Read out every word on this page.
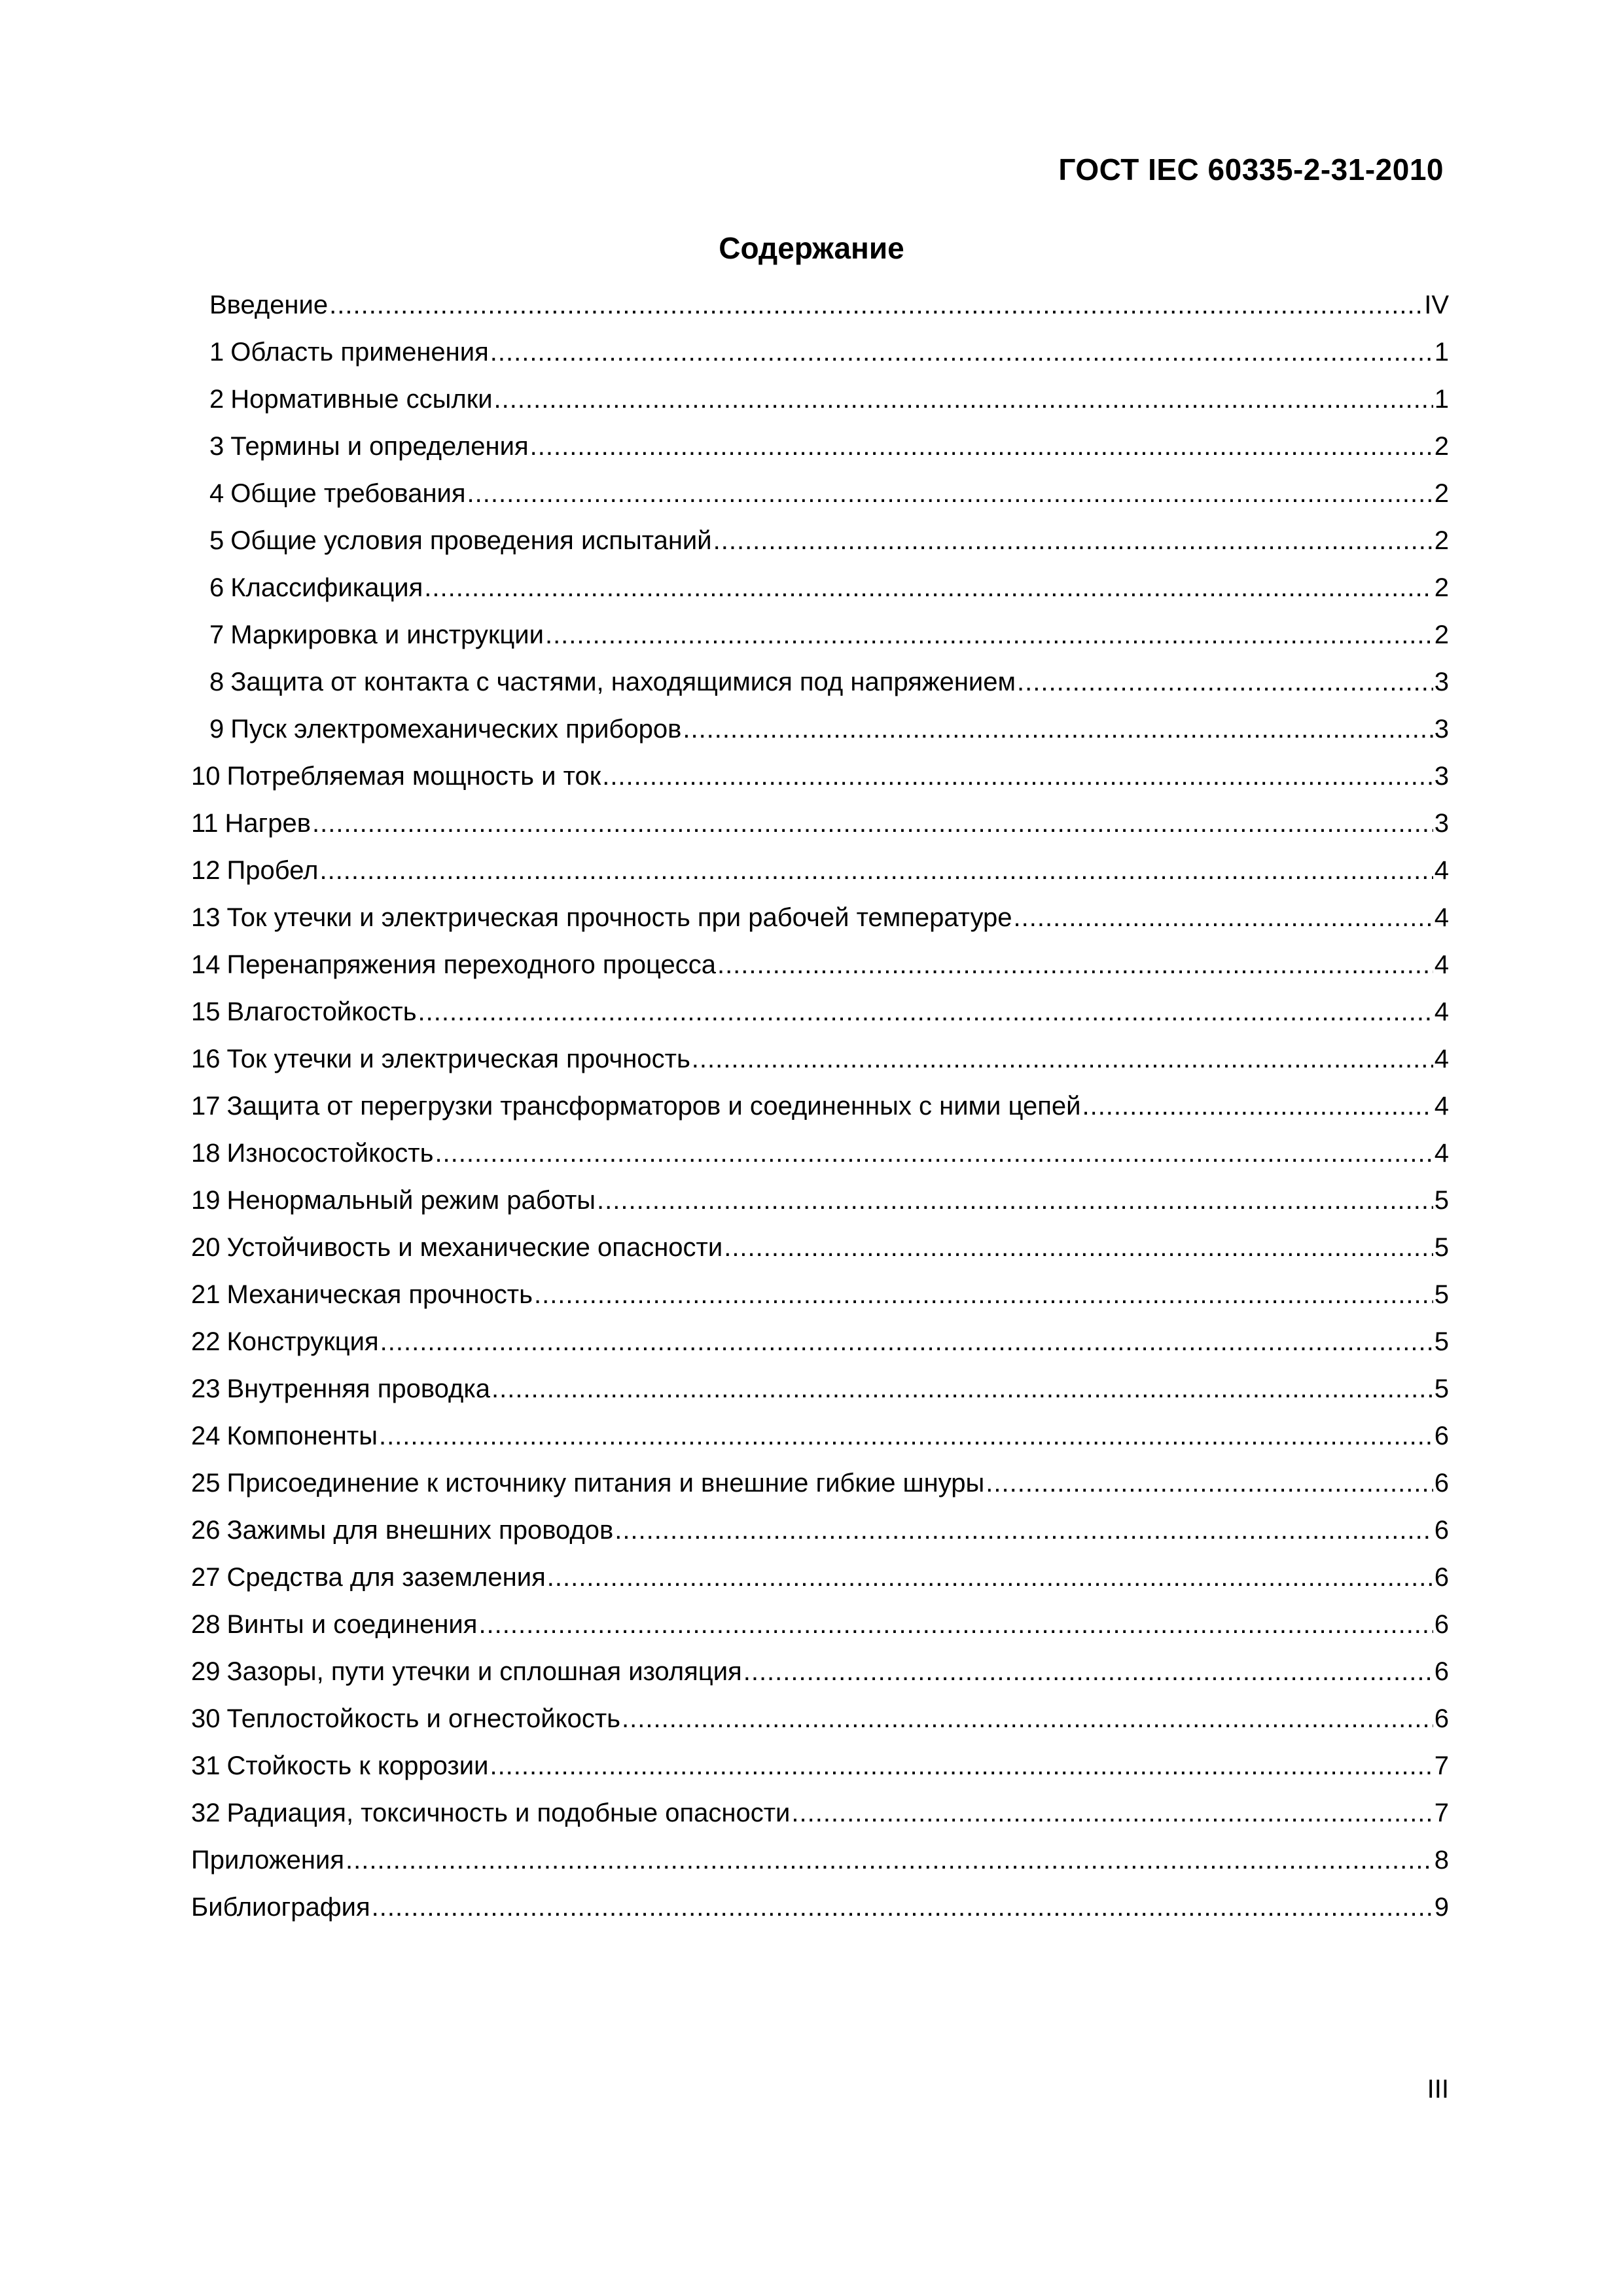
ГОСТ IEC 60335-2-31-2010
Содержание
Введение .....	IV
1 Область применения .....	1
2 Нормативные ссылки .....	1
3 Термины и определения .....	2
4 Общие требования .....	2
5 Общие условия проведения испытаний .....	2
6 Классификация .....	2
7 Маркировка и инструкции .....	2
8 Защита от контакта с частями, находящимися под напряжением .....	3
9 Пуск электромеханических приборов .....	3
10 Потребляемая мощность и ток .....	3
11 Нагрев .....	3
12 Пробел .....	4
13 Ток утечки и электрическая прочность при рабочей температуре .....	4
14 Перенапряжения переходного процесса .....	4
15 Влагостойкость .....	4
16 Ток утечки и электрическая прочность .....	4
17 Защита от перегрузки трансформаторов и соединенных с ними цепей .....	4
18 Износостойкость .....	4
19 Ненормальный режим работы .....	5
20 Устойчивость и механические опасности .....	5
21 Механическая прочность .....	5
22 Конструкция .....	5
23 Внутренняя проводка .....	5
24 Компоненты .....	6
25 Присоединение к источнику питания и внешние гибкие шнуры .....	6
26 Зажимы для внешних проводов .....	6
27 Средства для заземления .....	6
28 Винты и соединения .....	6
29 Зазоры, пути утечки и сплошная изоляция .....	6
30 Теплостойкость и огнестойкость .....	6
31 Стойкость к коррозии .....	7
32 Радиация, токсичность и подобные опасности .....	7
Приложения .....	8
Библиография .....	9
III
